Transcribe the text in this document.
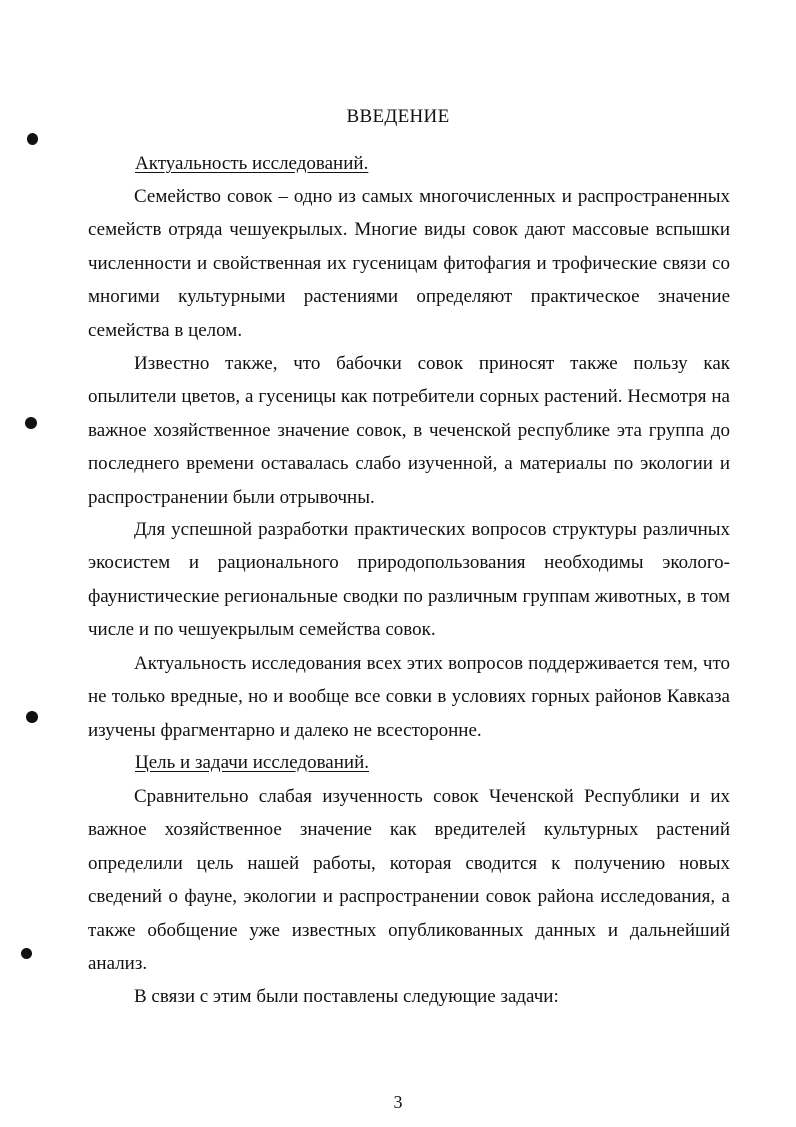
ВВЕДЕНИЕ
Актуальность исследований.

Семейство совок – одно из самых многочисленных и распространенных семейств отряда чешуекрылых. Многие виды совок дают массовые вспышки численности и свойственная их гусеницам фитофагия и трофические связи со многими культурными растениями определяют практическое значение семейства в целом.

Известно также, что бабочки совок приносят также пользу как опылители цветов, а гусеницы как потребители сорных растений. Несмотря на важное хозяйственное значение совок, в чеченской республике эта группа до последнего времени оставалась слабо изученной, а материалы по экологии и распространении были отрывочны.

Для успешной разработки практических вопросов структуры различных экосистем и рационального природопользования необходимы эколого-фаунистические региональные сводки по различным группам животных, в том числе и по чешуекрылым семейства совок.

Актуальность исследования всех этих вопросов поддерживается тем, что не только вредные, но и вообще все совки в условиях горных районов Кавказа изучены фрагментарно и далеко не всесторонне.

Цель и задачи исследований.

Сравнительно слабая изученность совок Чеченской Республики и их важное хозяйственное значение как вредителей культурных растений определили цель нашей работы, которая сводится к получению новых сведений о фауне, экологии и распространении совок района исследования, а также обобщение уже известных опубликованных данных и дальнейший анализ.

В связи с этим были поставлены следующие задачи:

3
